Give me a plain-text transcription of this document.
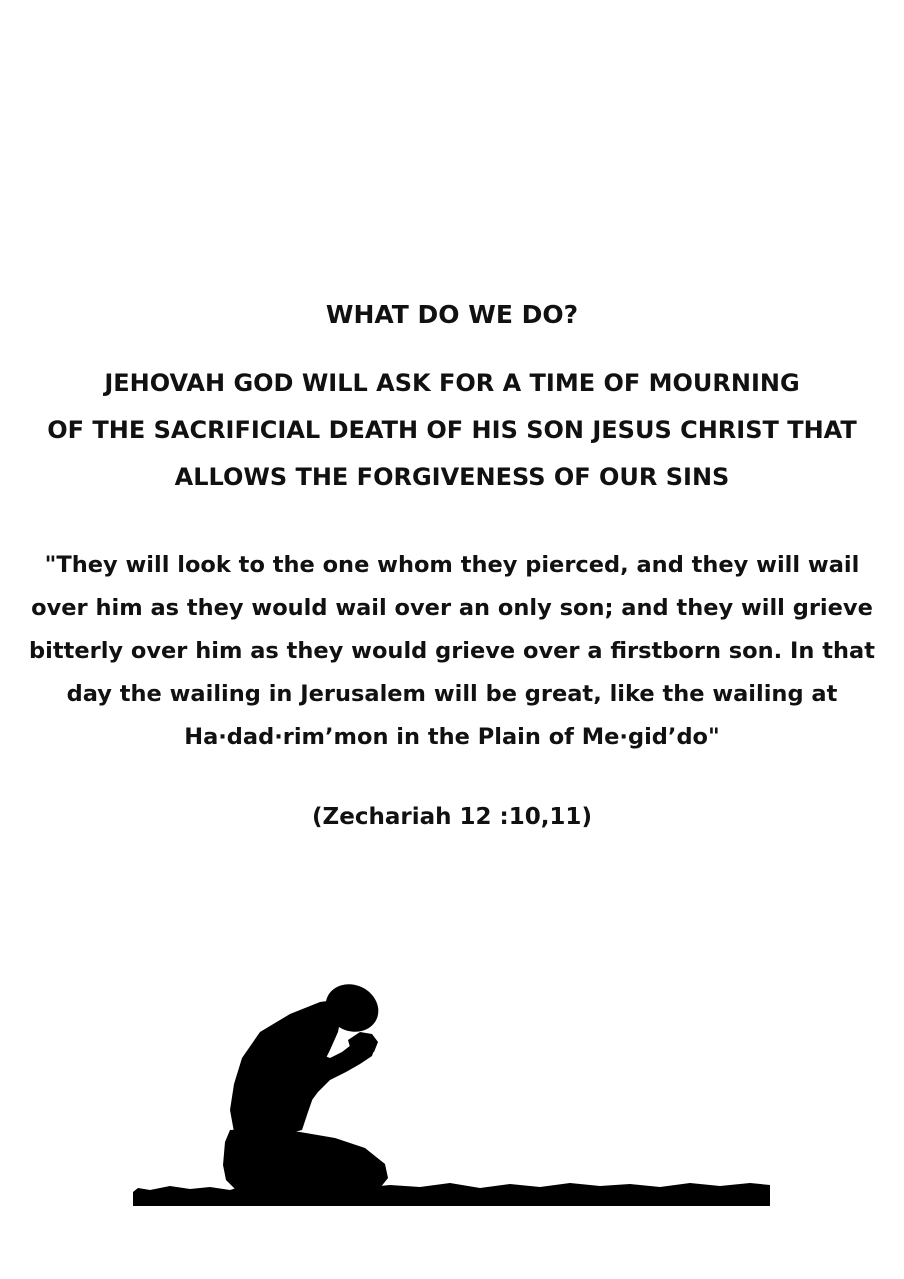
WHAT DO WE DO?
JEHOVAH GOD WILL ASK FOR A TIME OF MOURNING
OF THE SACRIFICIAL DEATH OF HIS SON JESUS CHRIST THAT
ALLOWS THE FORGIVENESS OF OUR SINS

"They will look to the one whom they pierced, and they will wail
over him as they would wail over an only son; and they will grieve
bitterly over him as they would grieve over a firstborn son. In that
day the wailing in Jerusalem will be great, like the wailing at
Ha·dad·rim’mon in the Plain of Me·gid’do"

(Zechariah 12 :10,11)
